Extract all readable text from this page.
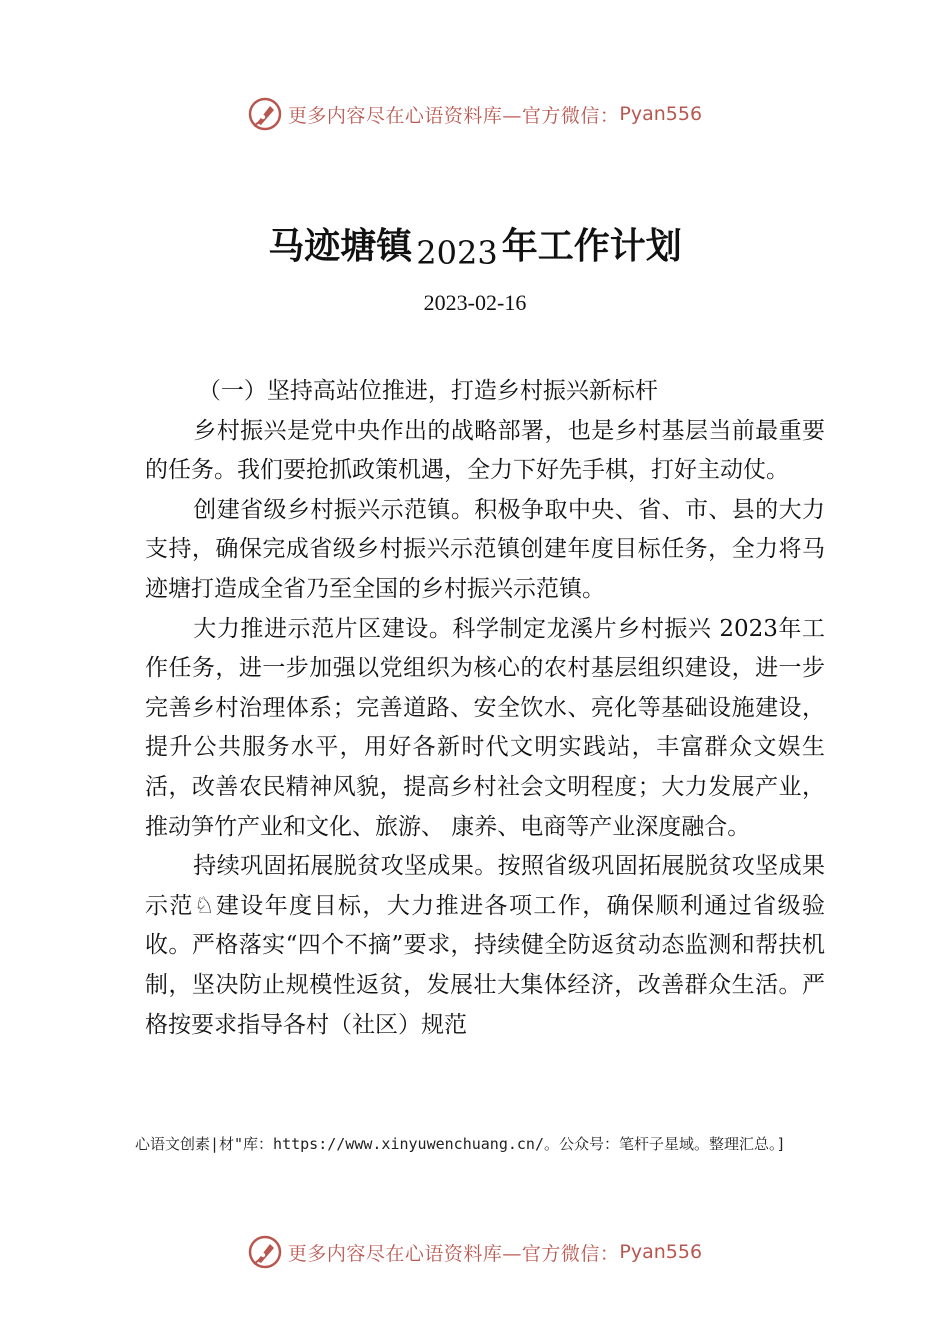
更多内容尽在心语资料库—官方微信： Pyan556
马迹塘镇 2023 年工作计划
2023-02-16

（一）坚持高站位推进，打造乡村振兴新标杆

乡村振兴是党中央作出的战略部署，也是乡村基层当前最重要的任务。我们要抢抓政策机遇，全力下好先手棋，打好主动仗。

创建省级乡村振兴示范镇。积极争取中央、省、市、县的大力支持，确保完成省级乡村振兴示范镇创建年度目标任务，全力将马迹塘打造成全省乃至全国的乡村振兴示范镇。

大力推进示范片区建设。科学制定龙溪片乡村振兴 2023年工作任务，进一步加强以党组织为核心的农村基层组织建设，进一步完善乡村治理体系；完善道路、安全饮水、亮化等基础设施建设，提升公共服务水平，用好各新时代文明实践站，丰富群众文娱生活，改善农民精神风貌，提高乡村社会文明程度；大力发展产业，推动笋竹产业和文化、旅游、 康养、电商等产业深度融合。

持续巩固拓展脱贫攻坚成果。按照省级巩固拓展脱贫攻坚成果示范♘建设年度目标，大力推进各项工作，确保顺利通过省级验收。严格落实“四个不摘”要求，持续健全防返贫动态监测和帮扶机制，坚决防止规模性返贫，发展壮大集体经济，改善群众生活。严格按要求指导各村（社区）规范

心语文创素|材"库：https://www.xinyuwenchuang.cn/。公众号：笔杆子星域。整理汇总。]
更多内容尽在心语资料库—官方微信： Pyan556
